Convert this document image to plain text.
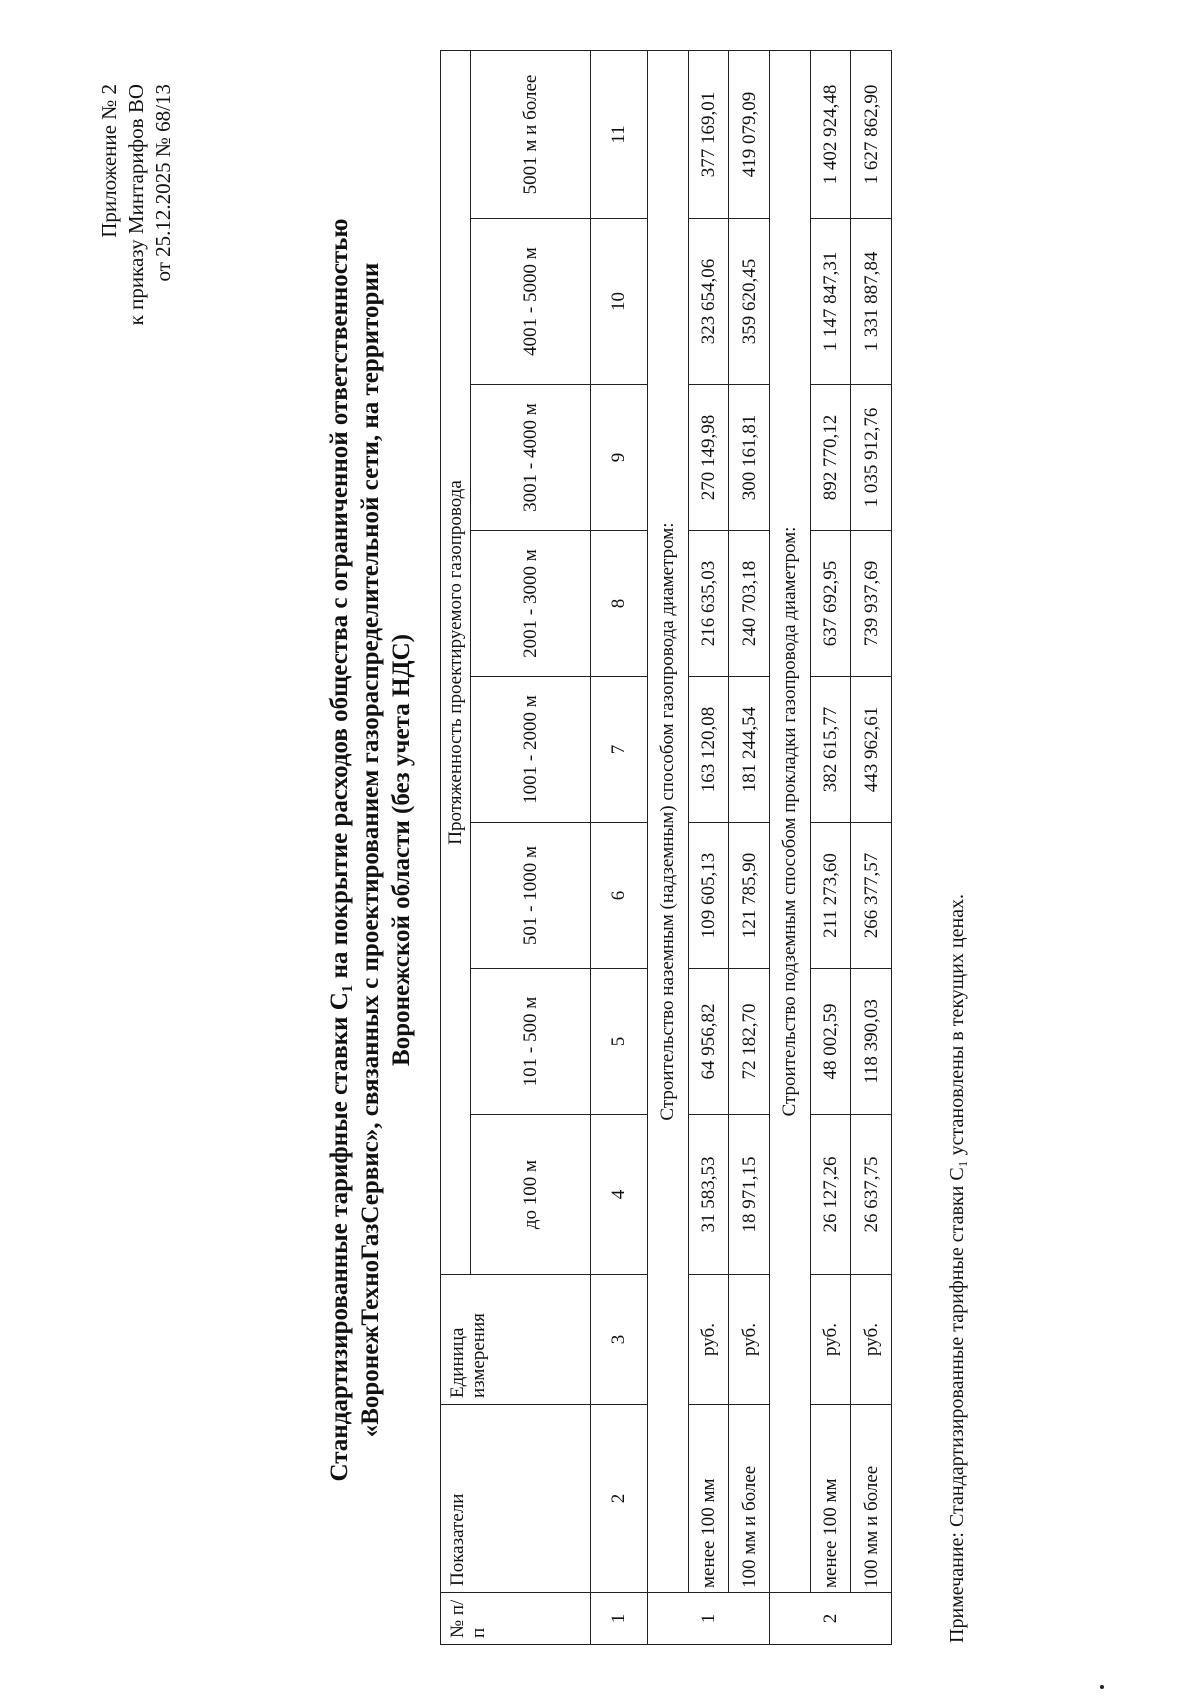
Приложение № 2 к приказу Минтарифов ВО от 25.12.2025 № 68/13
Стандартизированные тарифные ставки С₁ на покрытие расходов общества с ограниченной ответственностью «ВоронежТехноГазСервис», связанных с проектированием газораспределительной сети, на территории Воронежской области (без учета НДС)
№ п/п	Показатели	Единица измерения	Протяженность проектируемого газопровода							
			до 100 м	101 - 500 м	501 - 1000 м	1001 - 2000 м	2001 - 3000 м	3001 - 4000 м	4001 - 5000 м	5001 м и более
1	2	3	4	5	6	7	8	9	10	11
1	Строительство наземным (надземным) способом газопровода диаметром:									
	менее 100 мм	руб.	31 583,53	64 956,82	109 605,13	163 120,08	216 635,03	270 149,98	323 654,06	377 169,01
	100 мм и более	руб.	18 971,15	72 182,70	121 785,90	181 244,54	240 703,18	300 161,81	359 620,45	419 079,09
2	Строительство подземным способом прокладки газопровода диаметром:									
	менее 100 мм	руб.	26 127,26	48 002,59	211 273,60	382 615,77	637 692,95	892 770,12	1 147 847,31	1 402 924,48
	100 мм и более	руб.	26 637,75	118 390,03	266 377,57	443 962,61	739 937,69	1 035 912,76	1 331 887,84	1 627 862,90
Примечание: Стандартизированные тарифные ставки С₁ установлены в текущих ценах.
